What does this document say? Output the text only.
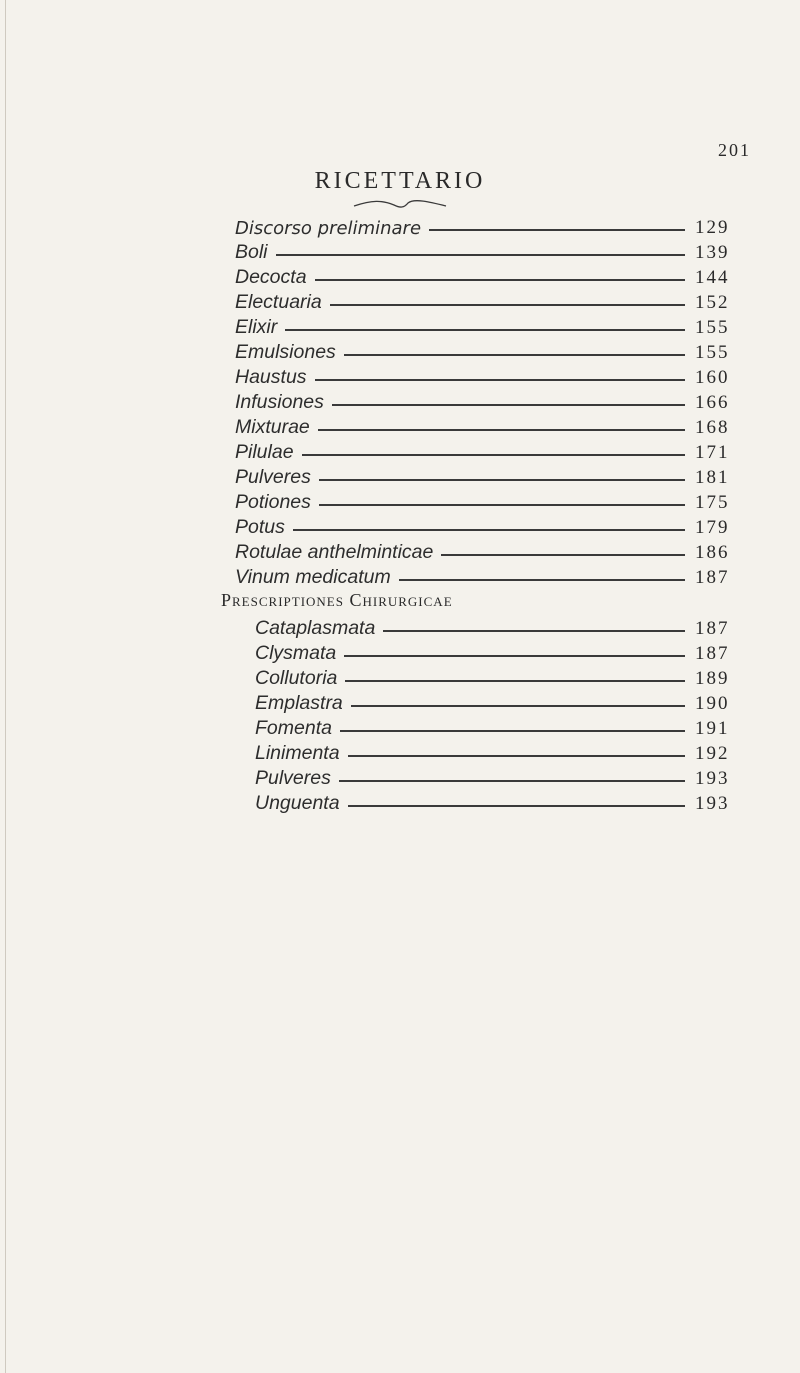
201
RICETTARIO
Discorso preliminare	129
Boli	139
Decocta	144
Electuaria	152
Elixir	155
Emulsiones	155
Haustus	160
Infusiones	166
Mixturae	168
Pilulae	171
Pulveres	181
Potiones	175
Potus	179
Rotulae anthelminticae	186
Vinum medicatum	187
Prescriptiones Chirurgicae
Cataplasmata	187
Clysmata	187
Collutoria	189
Emplastra	190
Fomenta	191
Linimenta	192
Pulveres	193
Unguenta	193
